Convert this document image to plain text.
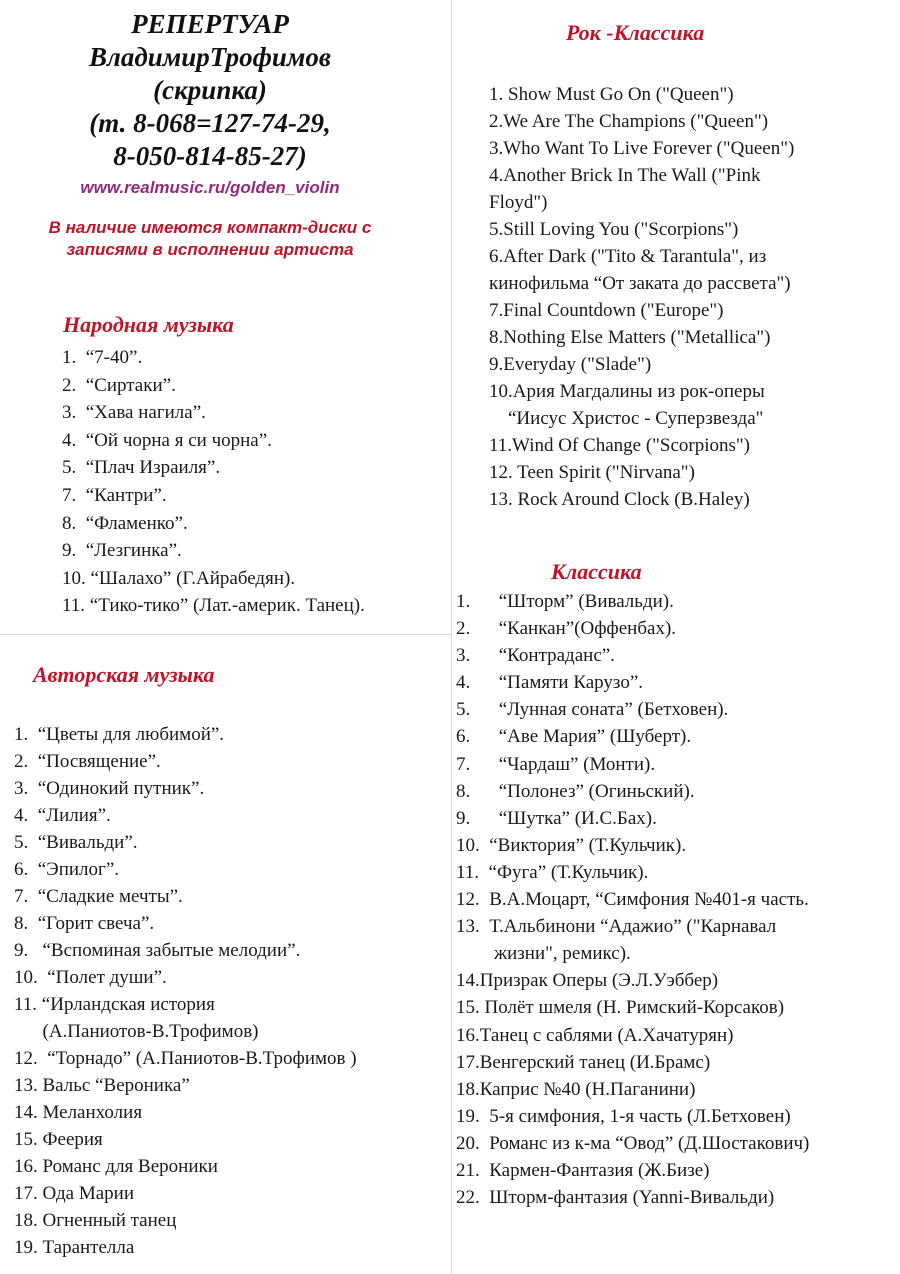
РЕПЕРТУАР
ВладимирТрофимов
(скрипка)
(т. 8-068=127-74-29,
8-050-814-85-27)
www.realmusic.ru/golden_violin
В наличие имеются компакт-диски с записями в исполнении артиста
Народная музыка
1.  “7-40”.
2.  “Сиртаки”.
3.  “Хава нагила”.
4.  “Ой чорна я си чорна”.
5.  “Плач Израиля”.
7.  “Кантри”.
8.  “Фламенко”.
9.  “Лезгинка”.
10. “Шалахо” (Г.Айрабедян).
11. “Тико-тико” (Лат.-америк. Танец).
Рок -Классика
1. Show Must Go On ("Queen")
2.We Are The Champions ("Queen")
3.Who Want To Live Forever ("Queen")
4.Another Brick In The Wall ("Pink
Floyd")
5.Still Loving You ("Scorpions")
6.After Dark ("Tito & Tarantula", из
кинофильма “От заката до рассвета")
7.Final Countdown ("Europe")
8.Nothing Else Matters ("Metallica")
9.Everyday ("Slade")
10.Ария Магдалины из рок-оперы
“Иисус Христос - Суперзвезда"
11.Wind Of Change ("Scorpions")
12. Teen Spirit ("Nirvana")
13. Rock Around Clock (B.Haley)
Авторская музыка
1.  “Цветы для любимой”.
2.  “Посвящение”.
3.  “Одинокий путник”.
4.  “Лилия”.
5.  “Вивальди”.
6.  “Эпилог”.
7.  “Сладкие мечты”.
8.  “Горит свеча”.
9.   “Вспоминая забытые мелодии”.
10.  “Полет души”.
11. “Ирландская история
(А.Паниотов-В.Трофимов)
12.  “Торнадо” (А.Паниотов-В.Трофимов )
13. Вальс “Вероника”
14. Меланхолия
15. Феерия
16. Романс для Вероники
17. Ода Марии
18. Огненный танец
19. Тарантелла
Классика
1.      “Шторм” (Вивальди).
2.      “Канкан”(Оффенбах).
3.      “Контраданс”.
4.      “Памяти Карузо”.
5.      “Лунная соната” (Бетховен).
6.      “Аве Мария” (Шуберт).
7.      “Чардаш” (Монти).
8.      “Полонез” (Огиньский).
9.      “Шутка” (И.С.Бах).
10.  “Виктория” (Т.Кульчик).
11.  “Фуга” (Т.Кульчик).
12.  В.А.Моцарт, “Симфония №401-я часть.
13.  Т.Альбинони “Адажио” ("Карнавал
жизни", ремикс).
14.Призрак Оперы (Э.Л.Уэббер)
15. Полёт шмеля (Н. Римский-Корсаков)
16.Танец с саблями (А.Хачатурян)
17.Венгерский танец (И.Брамс)
18.Каприс №40 (Н.Паганини)
19.  5-я симфония, 1-я часть (Л.Бетховен)
20.  Романс из к-ма “Овод” (Д.Шостакович)
21.  Кармен-Фантазия (Ж.Бизе)
22.  Шторм-фантазия (Yanni-Вивальди)
